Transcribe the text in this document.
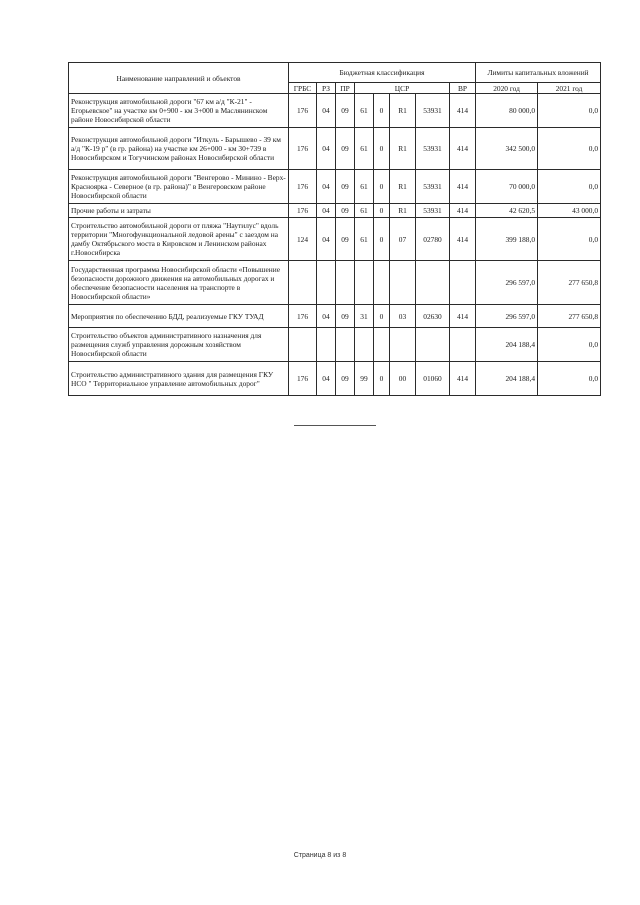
Наименование направлений и объектов	Бюджетная классификация								Лимиты капитальных вложений	
	ГРБС	РЗ	ПР	ЦСР				ВР	2020 год	2021 год
Реконструкция автомобильной дороги "67 км а/д "К-21" - Егорьевское" на участке км 0+900 - км 3+000 в Маслянинском районе Новосибирской области	176	04	09	61	0	R1	53931	414	80 000,0	0,0
Реконструкция автомобильной дороги "Иткуль - Барышево - 39 км а/д "К-19 р" (в гр. района) на участке км 26+000 - км 30+739 в Новосибирском и Тогучинском районах Новосибирской области	176	04	09	61	0	R1	53931	414	342 500,0	0,0
Реконструкция автомобильной дороги "Венгерово - Минино - Верх-Красноярка - Северное (в гр. района)" в Венгеровском районе Новосибирской области	176	04	09	61	0	R1	53931	414	70 000,0	0,0
Прочие работы и затраты	176	04	09	61	0	R1	53931	414	42 620,5	43 000,0
Строительство автомобильной дороги от пляжа "Наутилус" вдоль территории "Многофункциональной ледовой арены" с заездом на дамбу Октябрьского моста в Кировском и Ленинском районах г.Новосибирска	124	04	09	61	0	07	02780	414	399 188,0	0,0
Государственная программа Новосибирской области «Повышение безопасности дорожного движения на автомобильных дорогах и обеспечение безопасности населения на транспорте в Новосибирской области»									296 597,0	277 650,8
Мероприятия по обеспечению БДД, реализуемые ГКУ ТУАД	176	04	09	31	0	03	02630	414	296 597,0	277 650,8
Строительство объектов административного назначения для размещения служб управления дорожным хозяйством Новосибирской области									204 188,4	0,0
Строительство административного здания для размещения ГКУ НСО " Территориальное управление автомобильных дорог"	176	04	09	99	0	00	01060	414	204 188,4	0,0
Страница 8 из 8
